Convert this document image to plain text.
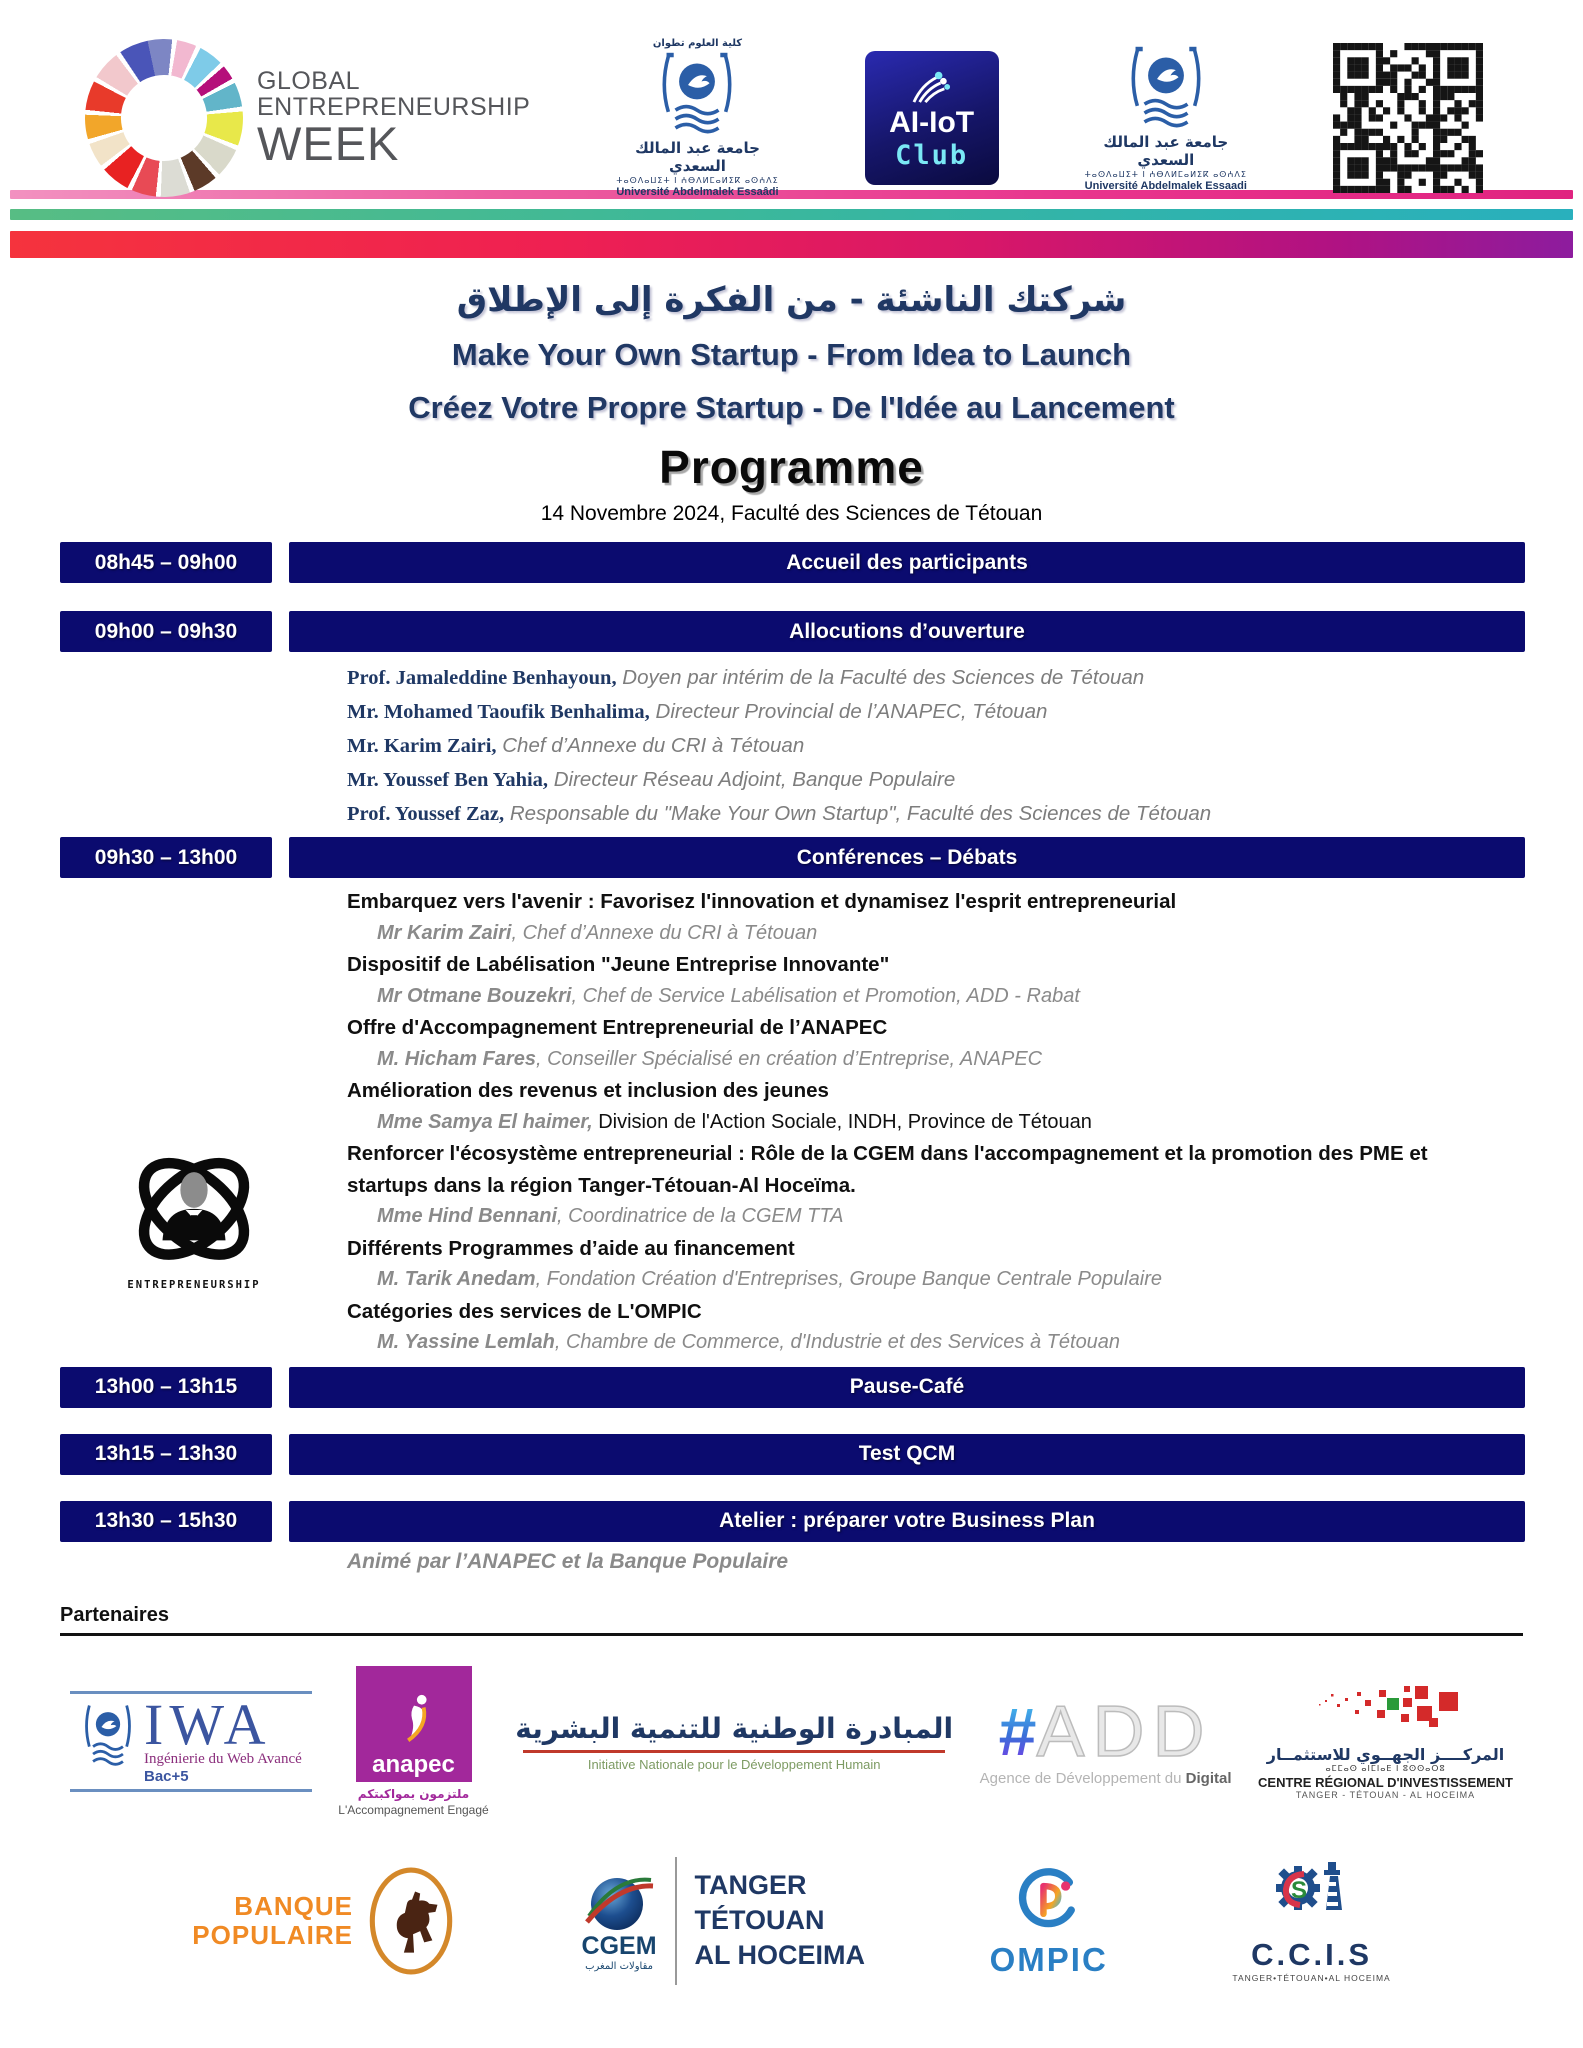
GLOBAL
ENTREPRENEURSHIP
WEEK
كلية العلوم تطوان
جامعة عبد المالك السعدي
ⵜⴰⵙⴷⴰⵡⵉⵜ ⵏ ⵄⴱⴷⵍⵎⴰⵍⵉⴽ ⴰⵙⵄⴷⵉ
Université Abdelmalek Essaâdi
AI-IoT
Club	جامعة عبد المالك السعدي
ⵜⴰⵙⴷⴰⵡⵉⵜ ⵏ ⵄⴱⴷⵍⵎⴰⵍⵉⴽ ⴰⵙⵄⴷⵉ
Université Abdelmalek Essaadi
شركتك الناشئة - من الفكرة إلى الإطلاق
Make Your Own Startup - From Idea to Launch
Créez Votre Propre Startup - De l'Idée au Lancement
Programme
14 Novembre 2024, Faculté des Sciences de Tétouan
08h45 – 09h00	Accueil des participants
09h00 – 09h30	Allocutions d’ouverture
Prof. Jamaleddine Benhayoun, Doyen par intérim de la Faculté des Sciences de Tétouan
Mr. Mohamed Taoufik Benhalima, Directeur Provincial de l’ANAPEC, Tétouan
Mr. Karim Zairi, Chef d’Annexe du CRI à Tétouan
Mr. Youssef Ben Yahia, Directeur Réseau Adjoint, Banque Populaire
Prof. Youssef Zaz, Responsable du "Make Your Own Startup", Faculté des Sciences de Tétouan
09h30 – 13h00	Conférences – Débats
Embarquez vers l'avenir : Favorisez l'innovation et dynamisez l'esprit entrepreneurial
Mr Karim Zairi, Chef d’Annexe du CRI à Tétouan
Dispositif de Labélisation "Jeune Entreprise Innovante"
Mr Otmane Bouzekri, Chef de Service Labélisation et Promotion, ADD - Rabat
Offre d'Accompagnement Entrepreneurial de l’ANAPEC
M. Hicham Fares, Conseiller Spécialisé en création d’Entreprise, ANAPEC
Amélioration des revenus et inclusion des jeunes
Mme Samya El haimer, Division de l'Action Sociale, INDH, Province de Tétouan
Renforcer l'écosystème entrepreneurial : Rôle de la CGEM dans l'accompagnement et la promotion des PME et startups dans la région Tanger-Tétouan-Al Hoceïma.
Mme Hind Bennani, Coordinatrice de la CGEM TTA
Différents Programmes d’aide au financement
M. Tarik Anedam, Fondation Création d'Entreprises, Groupe Banque Centrale Populaire
Catégories des services de L'OMPIC
M. Yassine Lemlah, Chambre de Commerce, d'Industrie et des Services à Tétouan
13h00 – 13h15	Pause-Café
13h15 – 13h30	Test QCM
13h30 – 15h30	Atelier : préparer votre Business Plan
Animé par l’ANAPEC et la Banque Populaire
ENTREPRENEURSHIP
Partenaires
IWA
Ingénierie du Web Avancé
Bac+5	anapec
ملتزمون بمواكبتكم
L'Accompagnement Engagé
المبادرة الوطنية للتنمية البشرية
Initiative Nationale pour le Développement Humain	# ADD
Agence de Développement du Digital
المركــــز الجهــوي للاستثمــار
ⴰⵎⵎⴰⵙ ⴰⵏⵎⵏⴰⴹ ⵏ ⵓⵙⵙⴰⵔⵓ
CENTRE RÉGIONAL D'INVESTISSEMENT
TANGER - TÉTOUAN - AL HOCEIMA
BANQUE
POPULAIRE	CGEM
مقاولات المغرب
TANGER
TÉTOUAN
AL HOCEIMA	OMPIC
S
C.C.I.S
TANGER•TÉTOUAN•AL HOCEIMA
